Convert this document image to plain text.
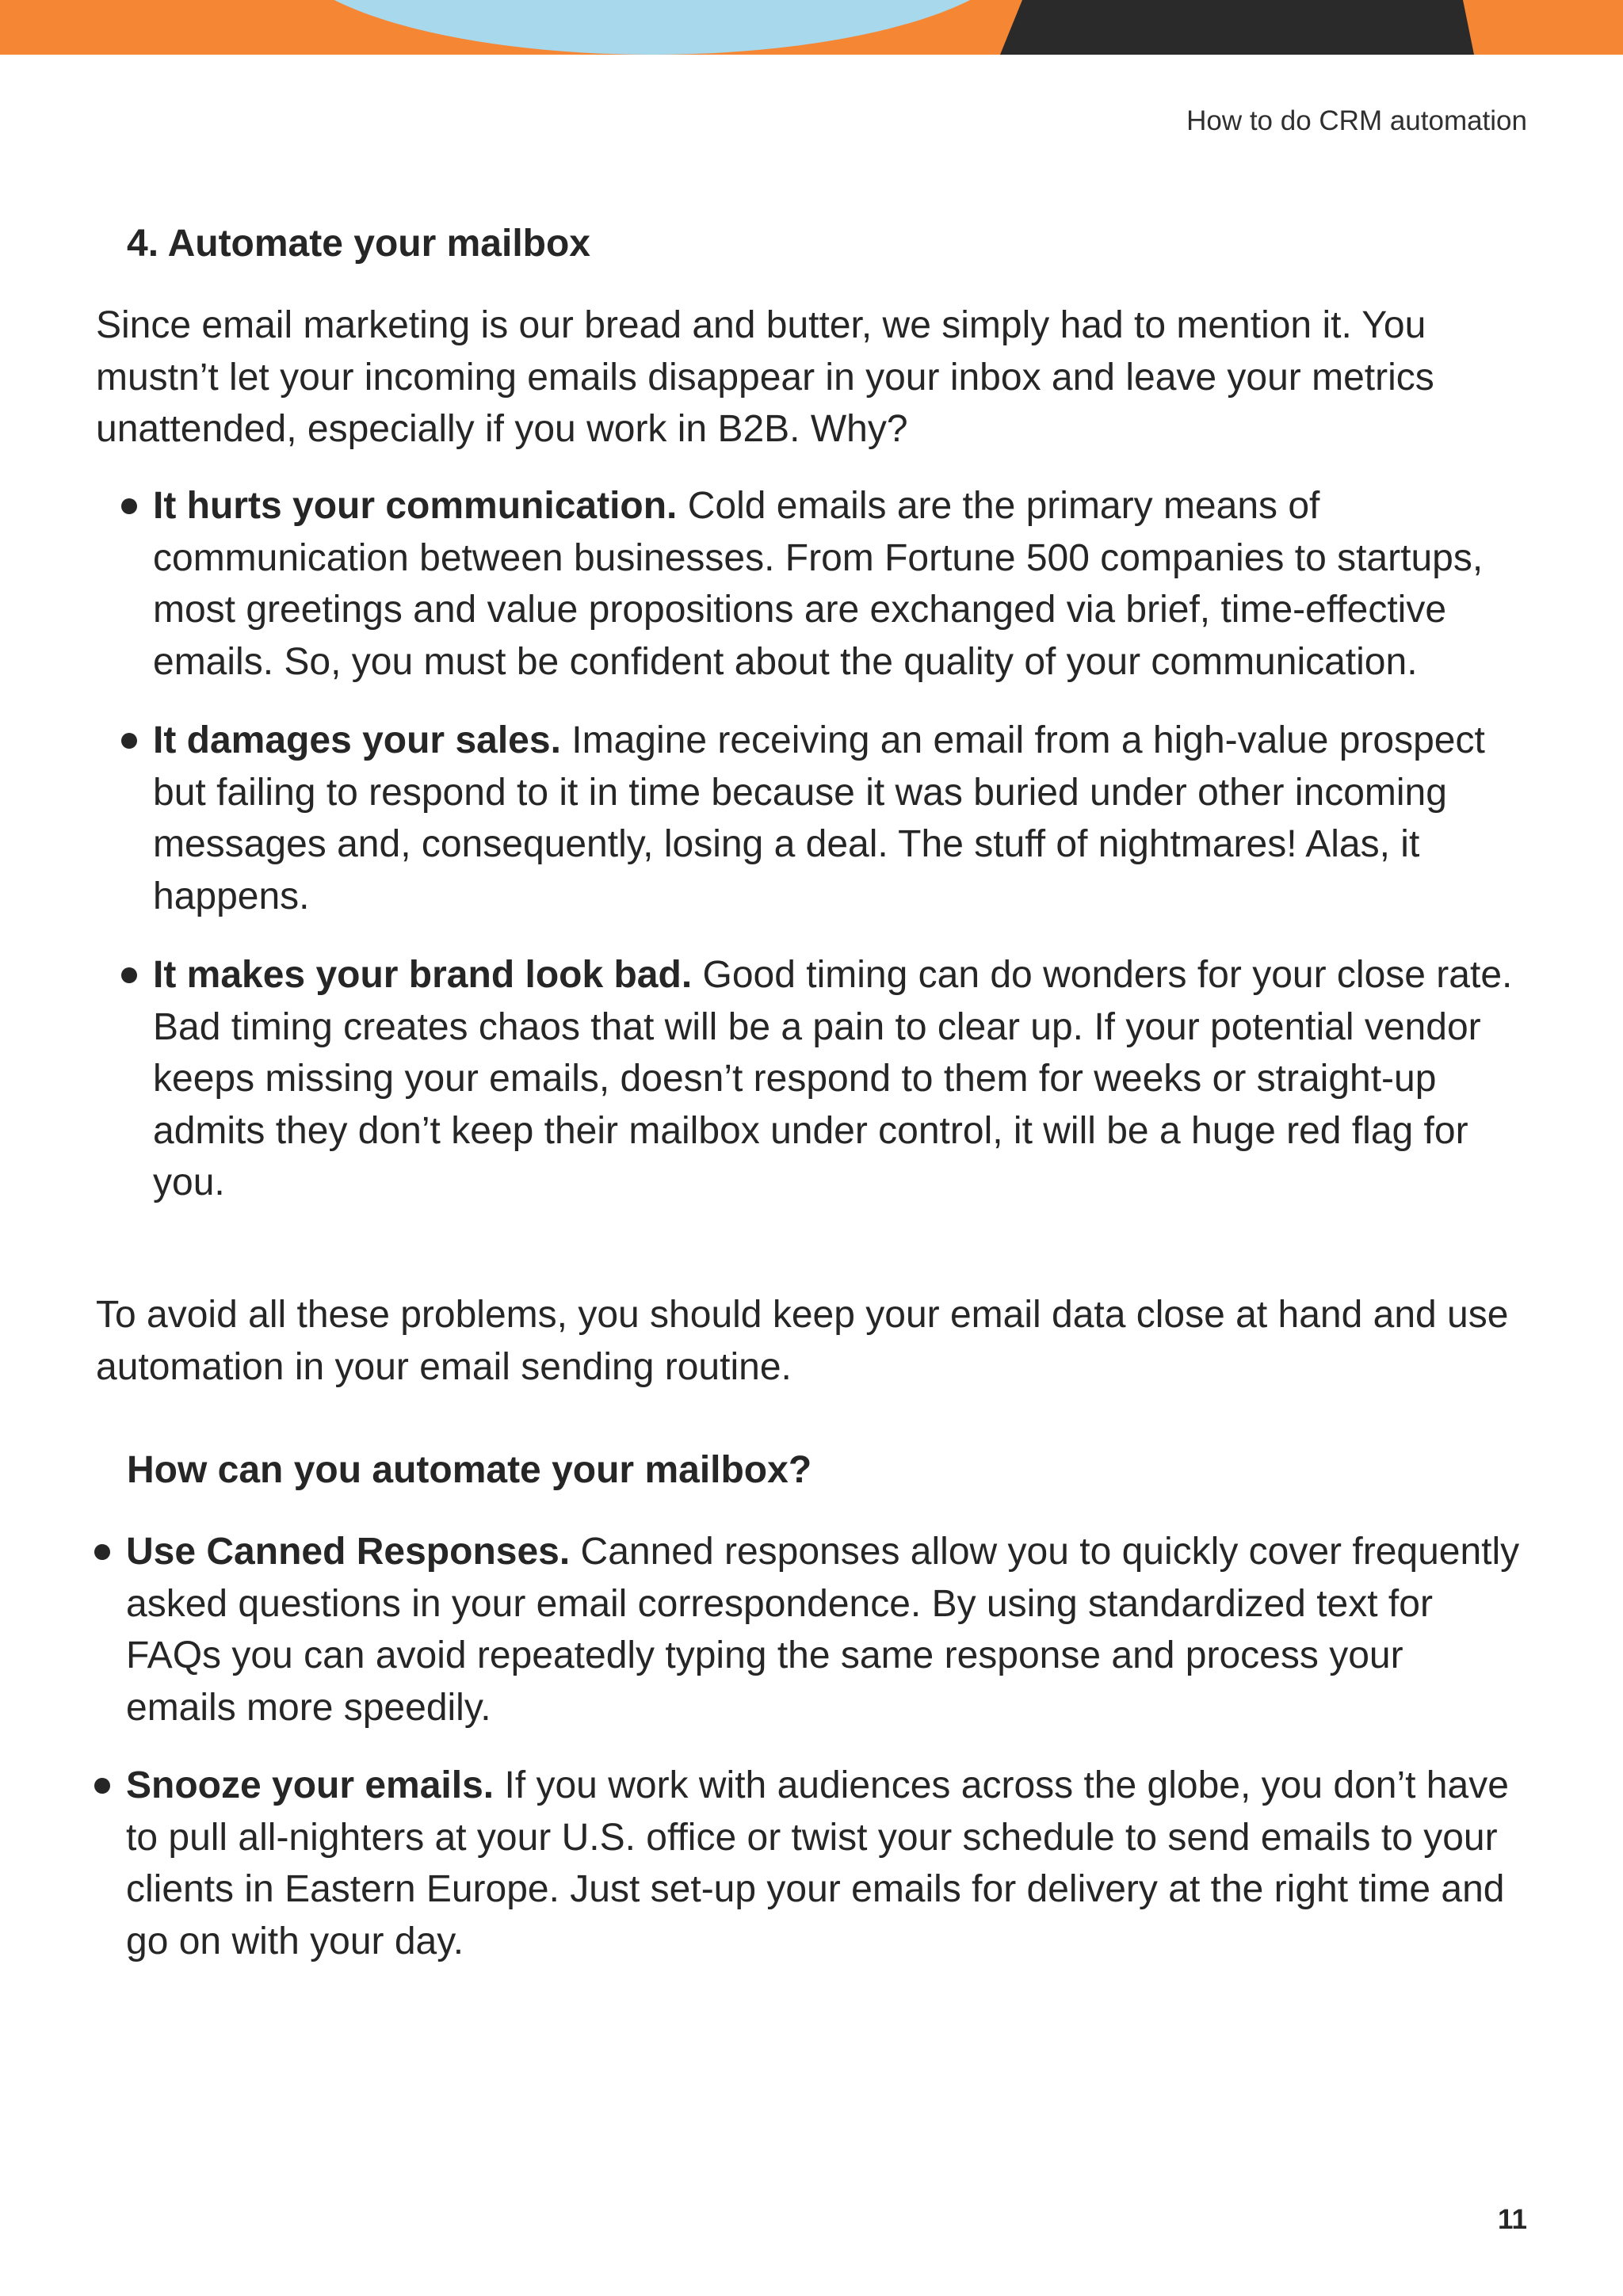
How to do CRM automation
4. Automate your mailbox

Since email marketing is our bread and butter, we simply had to mention it. You mustn’t let your incoming emails disappear in your inbox and leave your metrics unattended, especially if you work in B2B. Why?

It hurts your communication. Cold emails are the primary means of communication between businesses. From Fortune 500 companies to startups, most greetings and value propositions are exchanged via brief, time-effective emails. So, you must be confident about the quality of your communication.
It damages your sales. Imagine receiving an email from a high-value prospect but failing to respond to it in time because it was buried under other incoming messages and, consequently, losing a deal. The stuff of nightmares! Alas, it happens.
It makes your brand look bad. Good timing can do wonders for your close rate. Bad timing creates chaos that will be a pain to clear up. If your potential vendor keeps missing your emails, doesn’t respond to them for weeks or straight-up admits they don’t keep their mailbox under control, it will be a huge red flag for you.

To avoid all these problems, you should keep your email data close at hand and use automation in your email sending routine.

How can you automate your mailbox?
Use Canned Responses. Canned responses allow you to quickly cover frequently asked questions in your email correspondence. By using standardized text for FAQs you can avoid repeatedly typing the same response and process your emails more speedily.
Snooze your emails. If you work with audiences across the globe, you don’t have to pull all-nighters at your U.S. office or twist your schedule to send emails to your clients in Eastern Europe. Just set-up your emails for delivery at the right time and go on with your day.
11
